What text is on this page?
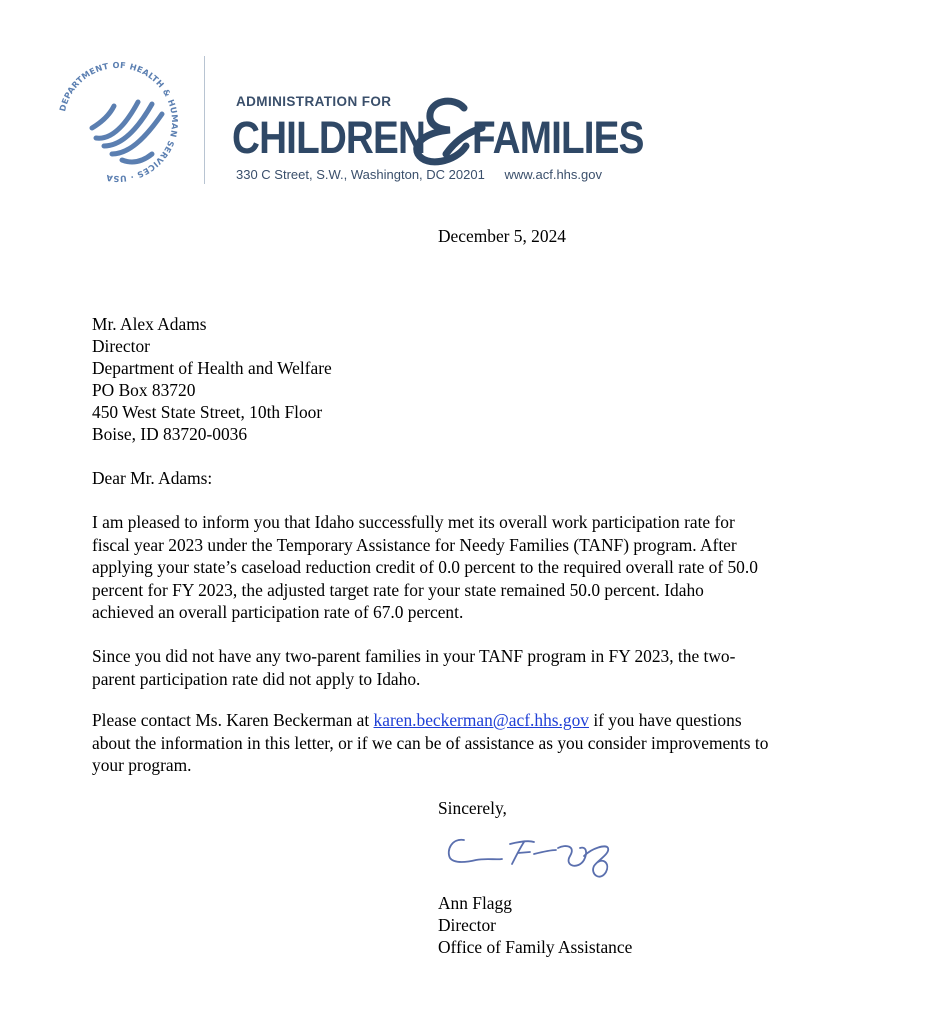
DEPARTMENT OF HEALTH & HUMAN SERVICES · USA
ADMINISTRATION FOR
CHILDREN FAMILIES
330 C Street, S.W., Washington, DC 20201 www.acf.hhs.gov
December 5, 2024
Mr. Alex Adams
Director
Department of Health and Welfare
PO Box 83720
450 West State Street, 10th Floor
Boise, ID 83720-0036
Dear Mr. Adams:
I am pleased to inform you that Idaho successfully met its overall work participation rate for
fiscal year 2023 under the Temporary Assistance for Needy Families (TANF) program. After
applying your state’s caseload reduction credit of 0.0 percent to the required overall rate of 50.0
percent for FY 2023, the adjusted target rate for your state remained 50.0 percent. Idaho
achieved an overall participation rate of 67.0 percent.
Since you did not have any two-parent families in your TANF program in FY 2023, the two-
parent participation rate did not apply to Idaho.
Please contact Ms. Karen Beckerman at karen.beckerman@acf.hhs.gov if you have questions
about the information in this letter, or if we can be of assistance as you consider improvements to
your program.
Sincerely,
Ann Flagg
Director
Office of Family Assistance
